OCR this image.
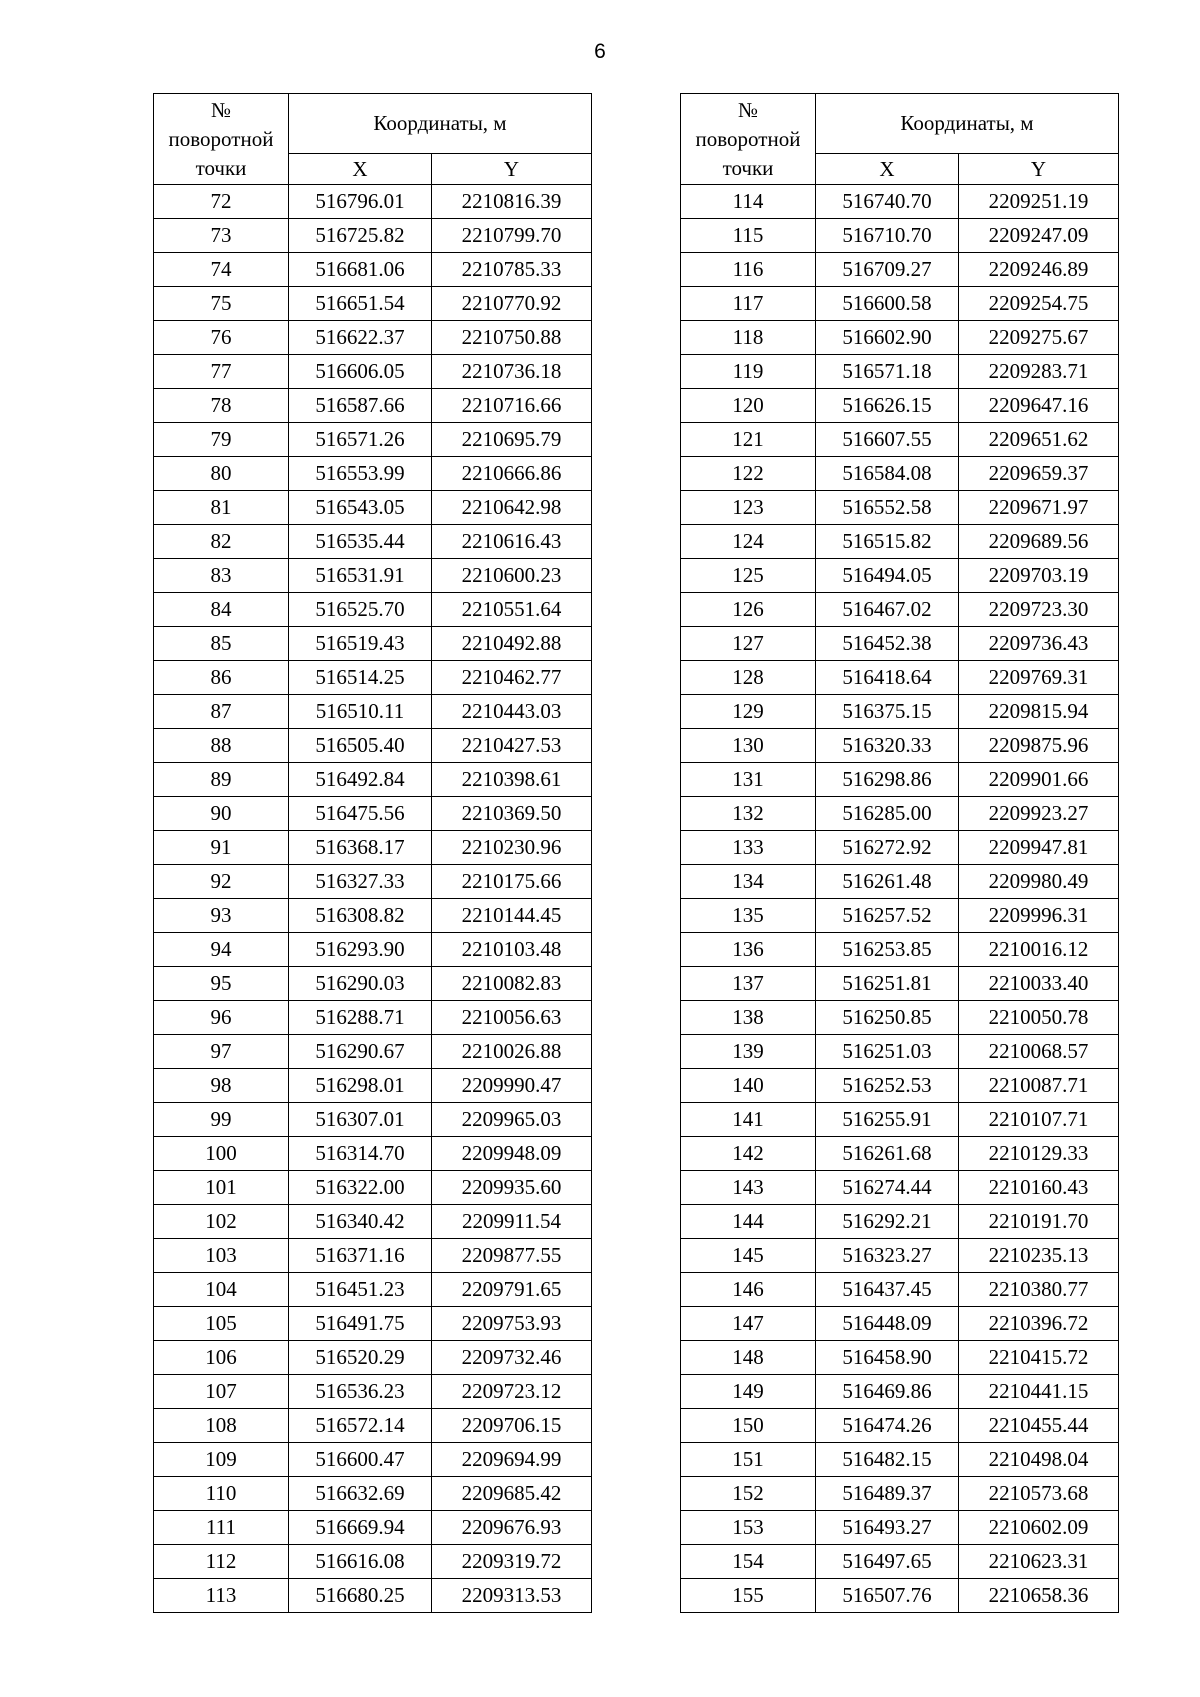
6
№
поворотной
точки	Координаты, м	
	X	Y
72	516796.01	2210816.39
73	516725.82	2210799.70
74	516681.06	2210785.33
75	516651.54	2210770.92
76	516622.37	2210750.88
77	516606.05	2210736.18
78	516587.66	2210716.66
79	516571.26	2210695.79
80	516553.99	2210666.86
81	516543.05	2210642.98
82	516535.44	2210616.43
83	516531.91	2210600.23
84	516525.70	2210551.64
85	516519.43	2210492.88
86	516514.25	2210462.77
87	516510.11	2210443.03
88	516505.40	2210427.53
89	516492.84	2210398.61
90	516475.56	2210369.50
91	516368.17	2210230.96
92	516327.33	2210175.66
93	516308.82	2210144.45
94	516293.90	2210103.48
95	516290.03	2210082.83
96	516288.71	2210056.63
97	516290.67	2210026.88
98	516298.01	2209990.47
99	516307.01	2209965.03
100	516314.70	2209948.09
101	516322.00	2209935.60
102	516340.42	2209911.54
103	516371.16	2209877.55
104	516451.23	2209791.65
105	516491.75	2209753.93
106	516520.29	2209732.46
107	516536.23	2209723.12
108	516572.14	2209706.15
109	516600.47	2209694.99
110	516632.69	2209685.42
111	516669.94	2209676.93
112	516616.08	2209319.72
113	516680.25	2209313.53
№
поворотной
точки	Координаты, м	
	X	Y
114	516740.70	2209251.19
115	516710.70	2209247.09
116	516709.27	2209246.89
117	516600.58	2209254.75
118	516602.90	2209275.67
119	516571.18	2209283.71
120	516626.15	2209647.16
121	516607.55	2209651.62
122	516584.08	2209659.37
123	516552.58	2209671.97
124	516515.82	2209689.56
125	516494.05	2209703.19
126	516467.02	2209723.30
127	516452.38	2209736.43
128	516418.64	2209769.31
129	516375.15	2209815.94
130	516320.33	2209875.96
131	516298.86	2209901.66
132	516285.00	2209923.27
133	516272.92	2209947.81
134	516261.48	2209980.49
135	516257.52	2209996.31
136	516253.85	2210016.12
137	516251.81	2210033.40
138	516250.85	2210050.78
139	516251.03	2210068.57
140	516252.53	2210087.71
141	516255.91	2210107.71
142	516261.68	2210129.33
143	516274.44	2210160.43
144	516292.21	2210191.70
145	516323.27	2210235.13
146	516437.45	2210380.77
147	516448.09	2210396.72
148	516458.90	2210415.72
149	516469.86	2210441.15
150	516474.26	2210455.44
151	516482.15	2210498.04
152	516489.37	2210573.68
153	516493.27	2210602.09
154	516497.65	2210623.31
155	516507.76	2210658.36
